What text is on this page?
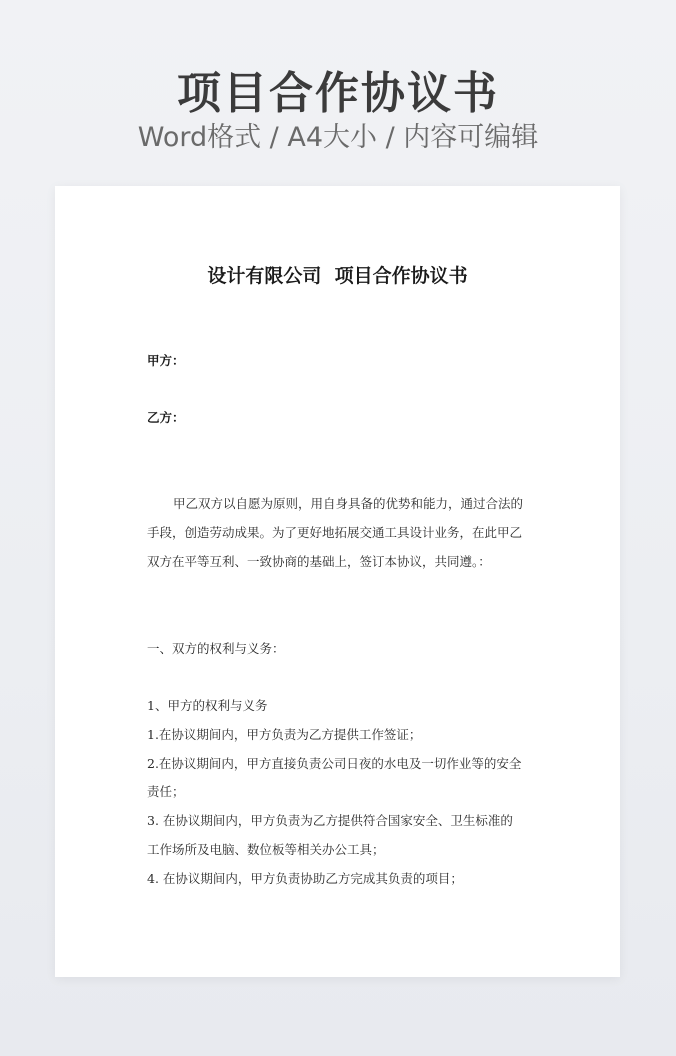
项目合作协议书
Word格式 / A4大小 / 内容可编辑
设计有限公司  项目合作协议书
甲方：
乙方：
甲乙双方以自愿为原则，用自身具备的优势和能力，通过合法的
手段，创造劳动成果。为了更好地拓展交通工具设计业务，在此甲乙
双方在平等互利、一致协商的基础上，签订本协议，共同遵。：
一、双方的权利与义务：
1、甲方的权利与义务
1.在协议期间内，甲方负责为乙方提供工作签证；
2.在协议期间内，甲方直接负责公司日夜的水电及一切作业等的安全
责任；
3. 在协议期间内，甲方负责为乙方提供符合国家安全、卫生标准的
工作场所及电脑、数位板等相关办公工具；
4. 在协议期间内，甲方负责协助乙方完成其负责的项目；
